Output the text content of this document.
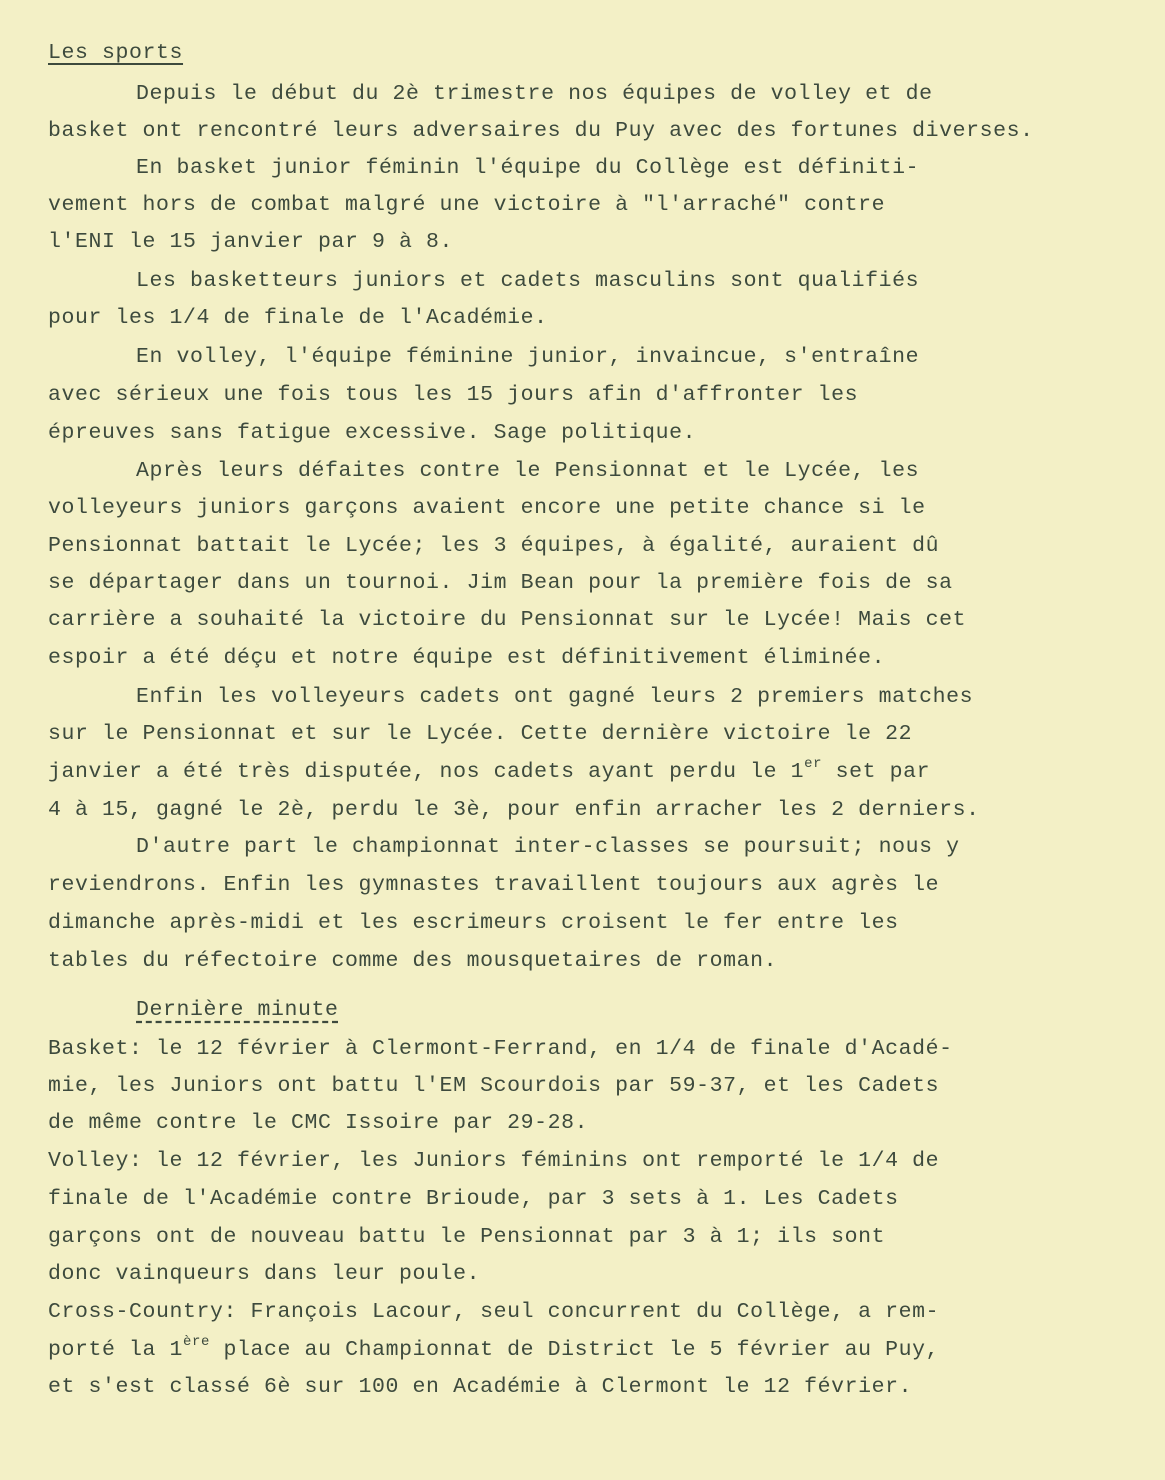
Les sports
Depuis le début du 2è trimestre nos équipes de volley et de
basket ont rencontré leurs adversaires du Puy avec des fortunes diverses.
En basket junior féminin l'équipe du Collège est définiti-
vement hors de combat malgré une victoire à "l'arraché" contre
l'ENI le 15 janvier par 9 à 8.
Les basketteurs juniors et cadets masculins sont qualifiés
pour les 1/4 de finale de l'Académie.
En volley, l'équipe féminine junior, invaincue, s'entraîne
avec sérieux une fois tous les 15 jours afin d'affronter les
épreuves sans fatigue excessive. Sage politique.
Après leurs défaites contre le Pensionnat et le Lycée, les
volleyeurs juniors garçons avaient encore une petite chance si le
Pensionnat battait le Lycée; les 3 équipes, à égalité, auraient dû
se départager dans un tournoi. Jim Bean pour la première fois de sa
carrière a souhaité la victoire du Pensionnat sur le Lycée! Mais cet
espoir a été déçu et notre équipe est définitivement éliminée.
Enfin les volleyeurs cadets ont gagné leurs 2 premiers matches
sur le Pensionnat et sur le Lycée. Cette dernière victoire le 22
janvier a été très disputée, nos cadets ayant perdu le 1er set par
4 à 15, gagné le 2è, perdu le 3è, pour enfin arracher les 2 derniers.
D'autre part le championnat inter-classes se poursuit; nous y
reviendrons. Enfin les gymnastes travaillent toujours aux agrès le
dimanche après-midi et les escrimeurs croisent le fer entre les
tables du réfectoire comme des mousquetaires de roman.
Dernière minute
Basket: le 12 février à Clermont-Ferrand, en 1/4 de finale d'Acadé-
mie, les Juniors ont battu l'EM Scourdois par 59-37, et les Cadets
de même contre le CMC Issoire par 29-28.
Volley: le 12 février, les Juniors féminins ont remporté le 1/4 de
finale de l'Académie contre Brioude, par 3 sets à 1. Les Cadets
garçons ont de nouveau battu le Pensionnat par 3 à 1; ils sont
donc vainqueurs dans leur poule.
Cross-Country: François Lacour, seul concurrent du Collège, a rem-
porté la 1ère place au Championnat de District le 5 février au Puy,
et s'est classé 6è sur 100 en Académie à Clermont le 12 février.
